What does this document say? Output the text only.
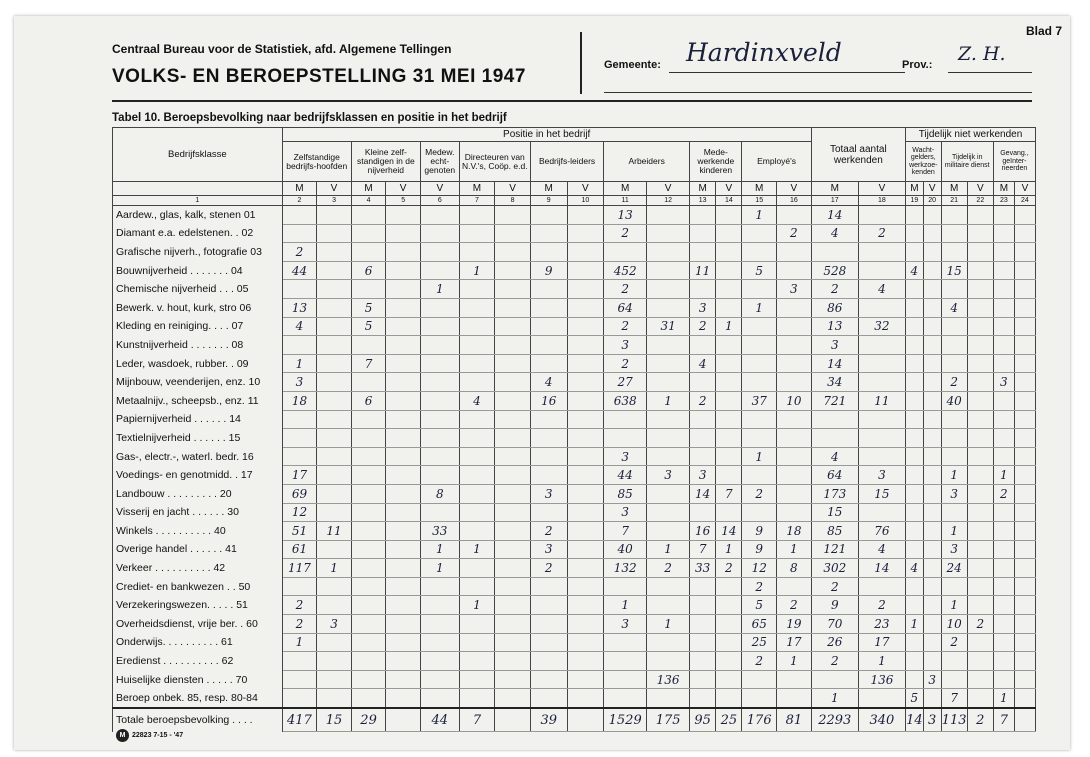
Centraal Bureau voor de Statistiek, afd. Algemene Tellingen
VOLKS- EN BEROEPSTELLING 31 MEI 1947
Blad 7
Gemeente: Hardinxveld	Prov.: Z. H.
Tabel 10. Beroepsbevolking naar bedrijfsklassen en positie in het bedrijf
Bedrijfsklasse	Positie in het bedrijf															Totaal aantal werkenden		Tijdelijk niet werkenden					
	Zelfstandige bedrijfs-hoofden		Kleine zelf-standigen in de nijverheid		Medew. echt-genoten	Directeuren van N.V.'s, Coöp. e.d.		Bedrijfs-leiders		Arbeiders		Mede-werkende kinderen		Employé's				Wacht-gelders, werkzoe-kenden		Tijdelijk in militaire dienst		Gevang., geïnter-neerden	
	M	V	M	V	V	M	V	M	V	M	V	M	V	M	V	M	V	M	V	M	V	M	V
1	2	3	4	5	6	7	8	9	10	11	12	13	14	15	16	17	18	19	20	21	22	23	24
Aardew., glas, kalk, stenen 01										13				1		14							
Diamant e.a. edelstenen. . 02										2					2	4	2						
Grafische nijverh., fotografie 03	2																						
Bouwnijverheid . . . . . . . 04	44		6			1		9		452		11		5		528		4		15			
Chemische nijverheid . . . 05					1					2					3	2	4						
Bewerk. v. hout, kurk, stro 06	13		5							64		3		1		86				4			
Kleding en reiniging. . . . 07	4		5							2	31	2	1			13	32						
Kunstnijverheid . . . . . . . 08										3						3							
Leder, wasdoek, rubber. . 09	1		7							2		4				14							
Mijnbouw, veenderijen, enz. 10	3							4		27						34				2		3	
Metaalnijv., scheepsb., enz. 11	18		6			4		16		638	1	2		37	10	721	11			40			
Papiernijverheid . . . . . . 14																							
Textielnijverheid . . . . . . 15																							
Gas-, electr.-, waterl. bedr. 16										3				1		4							
Voedings- en genotmidd. . 17	17									44	3	3				64	3			1		1	
Landbouw . . . . . . . . . 20	69				8			3		85		14	7	2		173	15			3		2	
Visserij en jacht . . . . . . 30	12									3						15							
Winkels . . . . . . . . . . 40	51	11			33			2		7		16	14	9	18	85	76			1			
Overige handel . . . . . . 41	61				1	1		3		40	1	7	1	9	1	121	4			3			
Verkeer . . . . . . . . . . 42	117	1			1			2		132	2	33	2	12	8	302	14	4		24			
Crediet- en bankwezen . . 50														2		2							
Verzekeringswezen. . . . . 51	2					1				1				5	2	9	2			1			
Overheidsdienst, vrije ber. . 60	2	3								3	1			65	19	70	23	1		10	2		
Onderwijs. . . . . . . . . . 61	1													25	17	26	17			2			
Eredienst . . . . . . . . . . 62														2	1	2	1						
Huiselijke diensten . . . . . 70											136						136		3				
Beroep onbek. 85, resp. 80-84																1		5		7		1	
Totale beroepsbevolking . . . .	417	15	29		44	7		39		1529	175	95	25	176	81	2293	340	14	3	113	2	7	
M 22823 7-15 - '47
